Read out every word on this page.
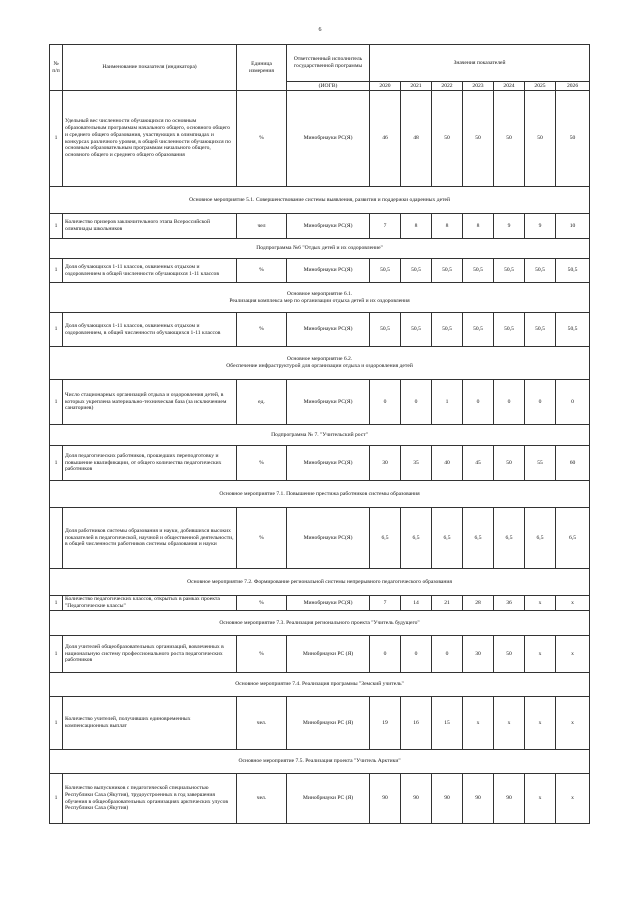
6
№ п/п	Наименование показателя (индикатора)	Единица измерения	Ответственный исполнитель государственной программы	Значения показателей						
			(ИОГВ)	2020	2021	2022	2023	2024	2025	2026
1	Удельный вес численности обучающихся по основным образовательным программам начального общего, основного общего и среднего общего образования, участвующих в олимпиадах и конкурсах различного уровня, в общей численности обучающихся по основным образовательным программам начального общего, основного общего и среднего общего образования	%	Минобрнауки РС(Я)	46	48	50	50	50	50	50
Основное мероприятие 5.1. Совершенствование системы выявления, развития и поддержки одаренных детей										
1	Количество призеров заключительного этапа Всероссийской олимпиады школьников	чел	Минобрнауки РС(Я)	7	8	8	8	9	9	10
Подпрограмма №6 "Отдых детей и их оздоровление"										
1	Доля обучающихся 1-11 классов, охваченных отдыхом и оздоровлением в общей численности обучающихся 1-11 классов	%	Минобрнауки РС(Я)	50,5	50,5	50,5	50,5	50,5	50,5	50,5
Основное мероприятие 6.1.
Реализация комплекса мер по организации отдыха детей и их оздоровления										
1	Доля обучающихся 1-11 классов, охваченных отдыхом и оздоровлением, в общей численности обучающихся 1-11 классов	%	Минобрнауки РС(Я)	50,5	50,5	50,5	50,5	50,5	50,5	50,5
Основное мероприятие 6.2.
Обеспечение инфраструктурой для организации отдыха и оздоровления детей										
1	Число стационарных организаций отдыха и оздоровления детей, в которых укреплена материально-техническая база (за исключением санаториев)	ед.	Минобрнауки РС(Я)	0	0	1	0	0	0	0
Подпрограмма № 7. "Учительский рост"										
1	Доля педагогических работников, прошедших переподготовку и повышение квалификации, от общего количества педагогических работников	%	Минобрнауки РС(Я)	30	35	40	45	50	55	60
Основное мероприятие 7.1. Повышение престижа работников системы образования										
	Доля работников системы образования и науки, добившихся высоких показателей в педагогической, научной и общественной деятельности, в общей численности работников системы образования и науки	%	Минобрнауки РС(Я)	6,5	6,5	6,5	6,5	6,5	6,5	6,5
Основное мероприятие 7.2. Формирование региональной системы непрерывного педагогического образования										
1	Количество педагогических классов, открытых в рамках проекта "Педагогические классы"	%	Минобрнауки РС(Я)	7	14	21	28	36	x	x
Основное мероприятие 7.3. Реализация регионального проекта "Учитель будущего"										
1	Доля учителей общеобразовательных организаций, вовлеченных в национальную систему профессионального роста педагогических работников	%	Минобрнауки РС (Я)	0	0	0	30	50	x	x
Основное мероприятие 7.4. Реализация программы "Земский учитель"										
1	Количество учителей, получивших единовременных компенсационных выплат	чел.	Минобрнауки РС (Я)	19	16	15	x	x	x	x
Основное мероприятие 7.5. Реализация проекта "Учитель Арктики"										
1	Количество выпускников с педагогической специальностью Республики Саха (Якутия), трудоустроенных в год завершения обучения в общеобразовательных организациях арктических улусов Республики Саха (Якутия)	чел.	Минобрнауки РС (Я)	90	90	90	90	90	x	x
